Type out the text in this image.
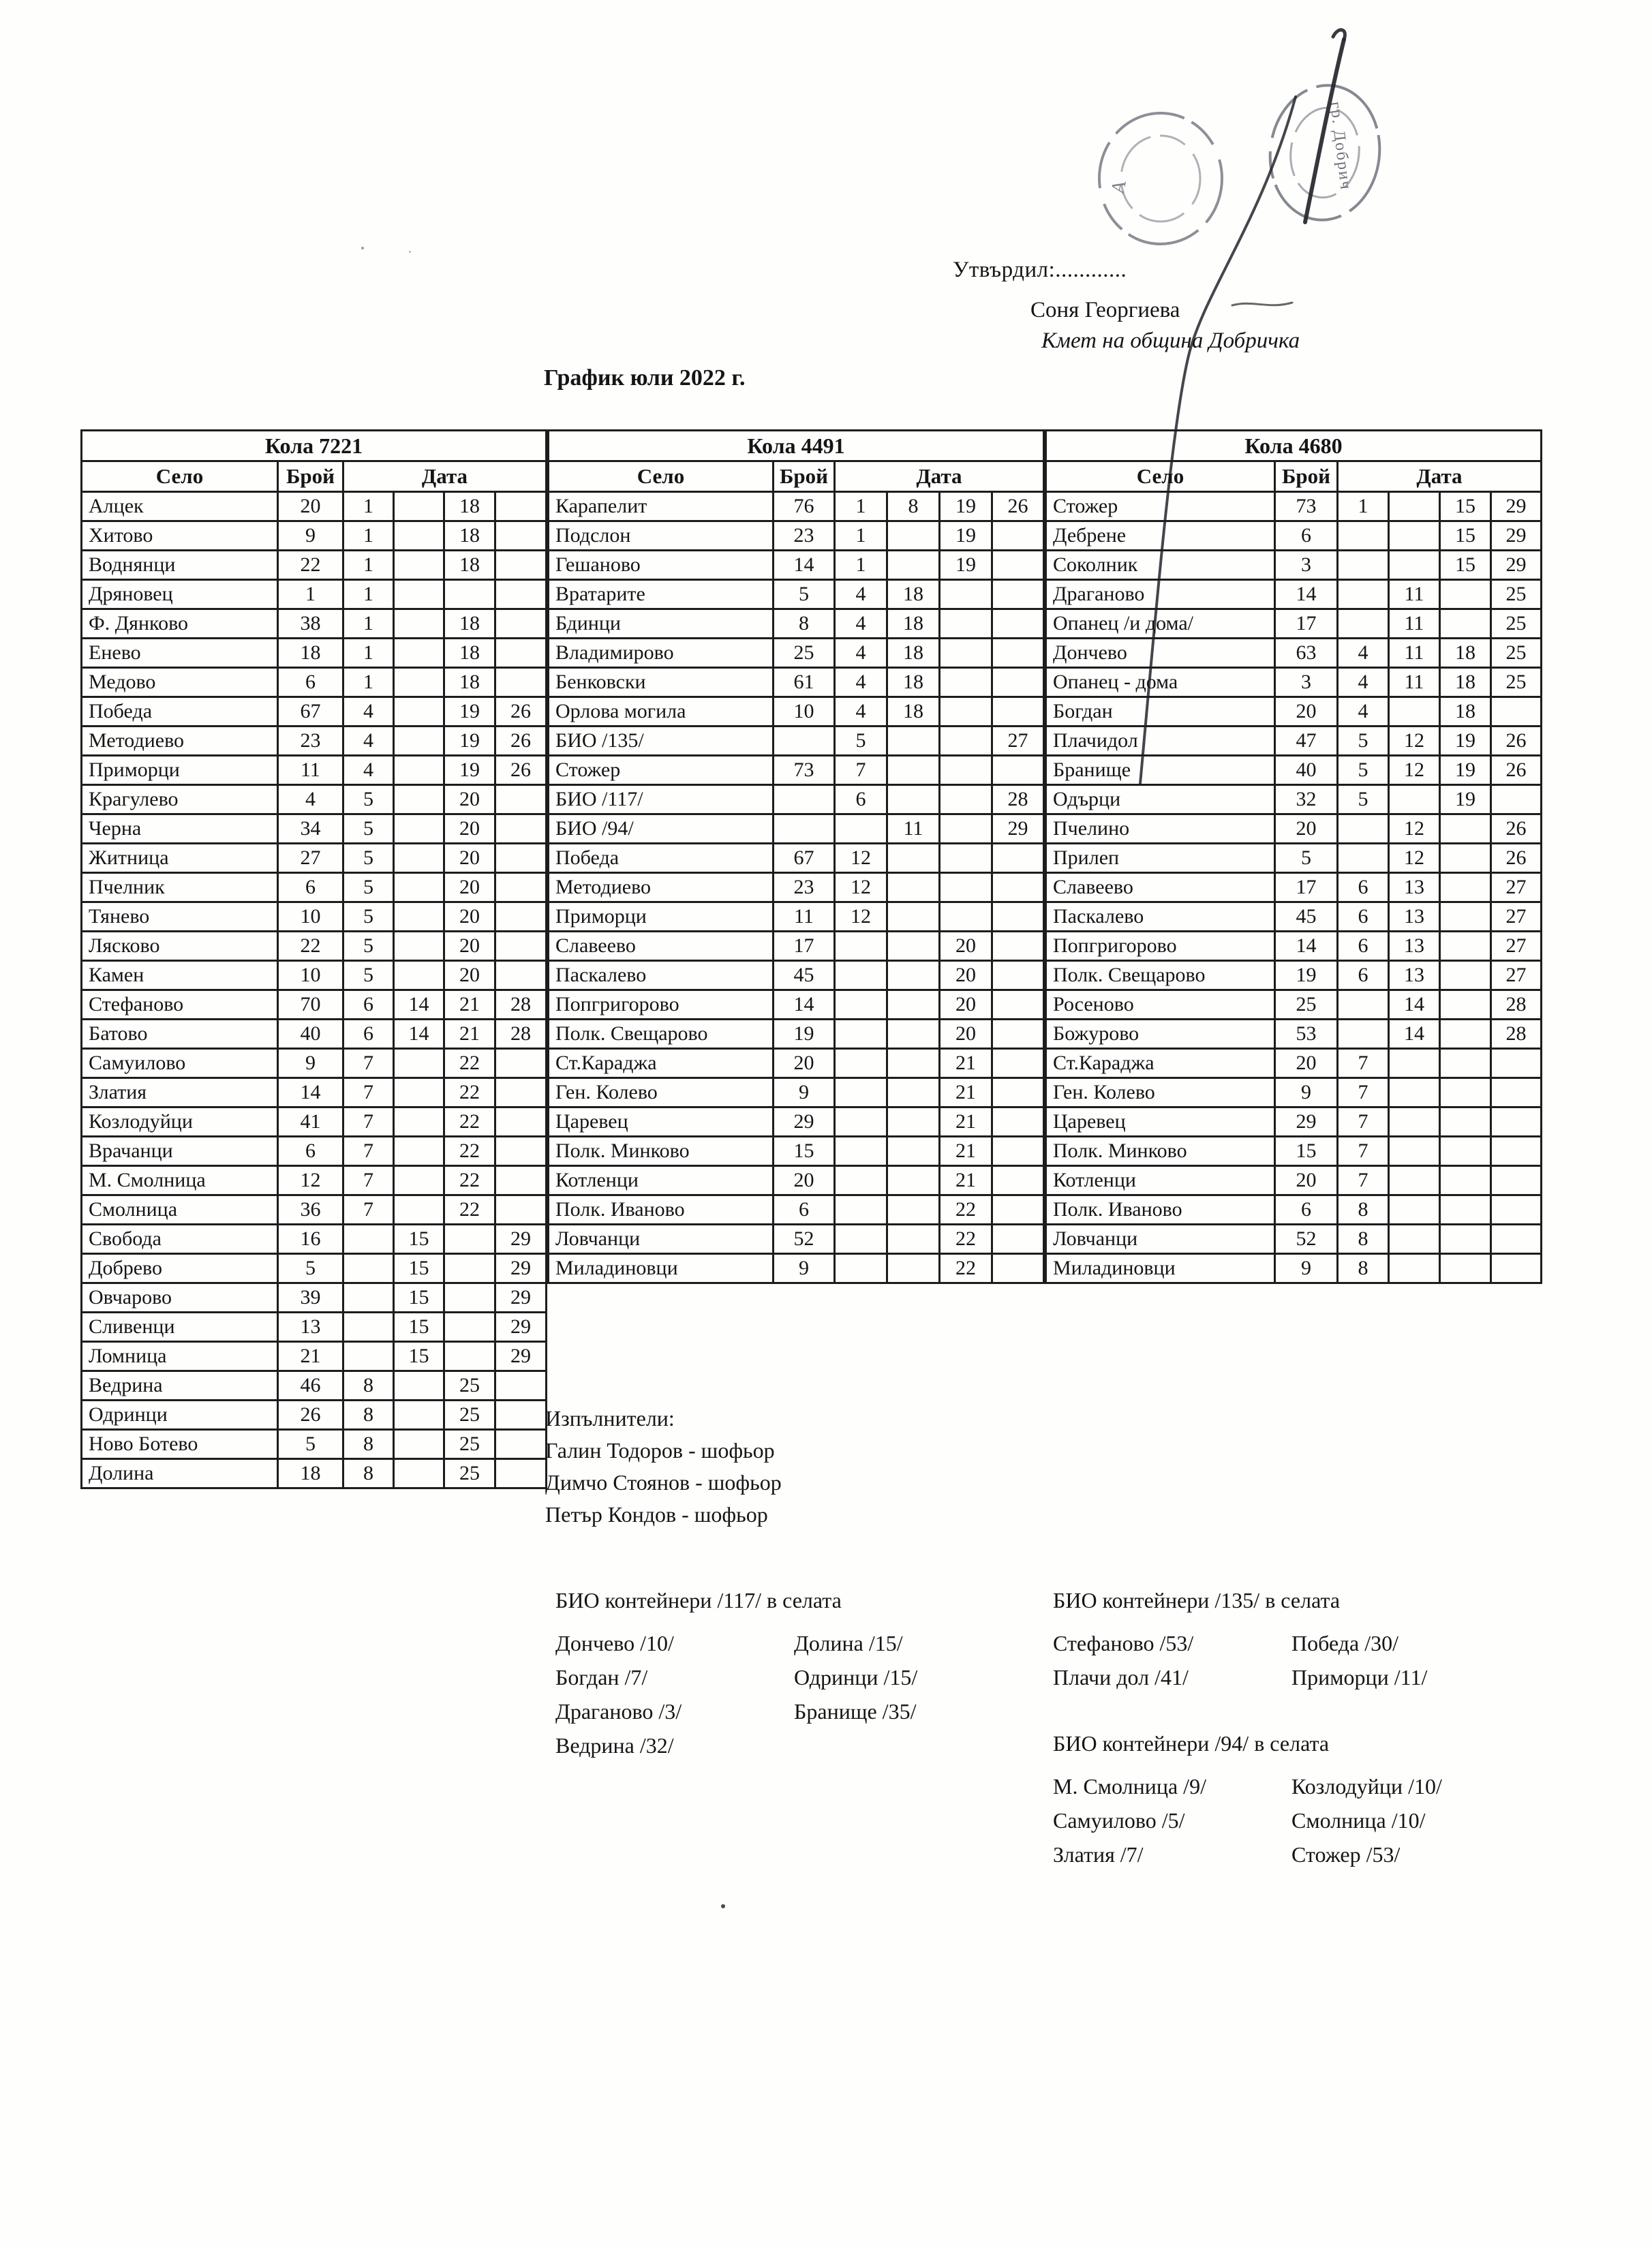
А	гр. Добрич
Утвърдил:............
Соня Георгиева
Кмет на община Добричка
График юли 2022 г.
Кола 7221					
Село	Брой	Дата			
Алцек	20	1		18	
Хитово	9	1		18	
Воднянци	22	1		18	
Дряновец	1	1			
Ф. Дянково	38	1		18	
Енево	18	1		18	
Медово	6	1		18	
Победа	67	4		19	26
Методиево	23	4		19	26
Приморци	11	4		19	26
Крагулево	4	5		20	
Черна	34	5		20	
Житница	27	5		20	
Пчелник	6	5		20	
Тянево	10	5		20	
Лясково	22	5		20	
Камен	10	5		20	
Стефаново	70	6	14	21	28
Батово	40	6	14	21	28
Самуилово	9	7		22	
Златия	14	7		22	
Козлодуйци	41	7		22	
Врачанци	6	7		22	
М. Смолница	12	7		22	
Смолница	36	7		22	
Свобода	16		15		29
Добрево	5		15		29
Овчарово	39		15		29
Сливенци	13		15		29
Ломница	21		15		29
Ведрина	46	8		25	
Одринци	26	8		25	
Ново Ботево	5	8		25	
Долина	18	8		25	
Кола 4491					
Село	Брой	Дата			
Карапелит	76	1	8	19	26
Подслон	23	1		19	
Гешаново	14	1		19	
Вратарите	5	4	18		
Бдинци	8	4	18		
Владимирово	25	4	18		
Бенковски	61	4	18		
Орлова могила	10	4	18		
БИО /135/		5			27
Стожер	73	7			
БИО /117/		6			28
БИО /94/			11		29
Победа	67	12			
Методиево	23	12			
Приморци	11	12			
Славеево	17			20	
Паскалево	45			20	
Попгригорово	14			20	
Полк. Свещарово	19			20	
Ст.Караджа	20			21	
Ген. Колево	9			21	
Царевец	29			21	
Полк. Минково	15			21	
Котленци	20			21	
Полк. Иваново	6			22	
Ловчанци	52			22	
Миладиновци	9			22	
Кола 4680					
Село	Брой	Дата			
Стожер	73	1		15	29
Дебрене	6			15	29
Соколник	3			15	29
Драганово	14		11		25
Опанец /и дома/	17		11		25
Дончево	63	4	11	18	25
Опанец - дома	3	4	11	18	25
Богдан	20	4		18	
Плачидол	47	5	12	19	26
Бранище	40	5	12	19	26
Одърци	32	5		19	
Пчелино	20		12		26
Прилеп	5		12		26
Славеево	17	6	13		27
Паскалево	45	6	13		27
Попгригорово	14	6	13		27
Полк. Свещарово	19	6	13		27
Росеново	25		14		28
Божурово	53		14		28
Ст.Караджа	20	7			
Ген. Колево	9	7			
Царевец	29	7			
Полк. Минково	15	7			
Котленци	20	7			
Полк. Иваново	6	8			
Ловчанци	52	8			
Миладиновци	9	8			
Изпълнители:
Галин Тодоров - шофьор
Димчо Стоянов - шофьор
Петър Кондов - шофьор
БИО контейнери /117/ в селата
Дончево /10/	Долина /15/
Богдан /7/	Одринци /15/
Драганово /3/	Бранище /35/
Ведрина /32/
БИО контейнери /135/ в селата
Стефаново /53/	Победа /30/
Плачи дол /41/	Приморци /11/
БИО контейнери /94/ в селата
М. Смолница /9/	Козлодуйци /10/
Самуилово /5/	Смолница /10/
Златия /7/	Стожер /53/
